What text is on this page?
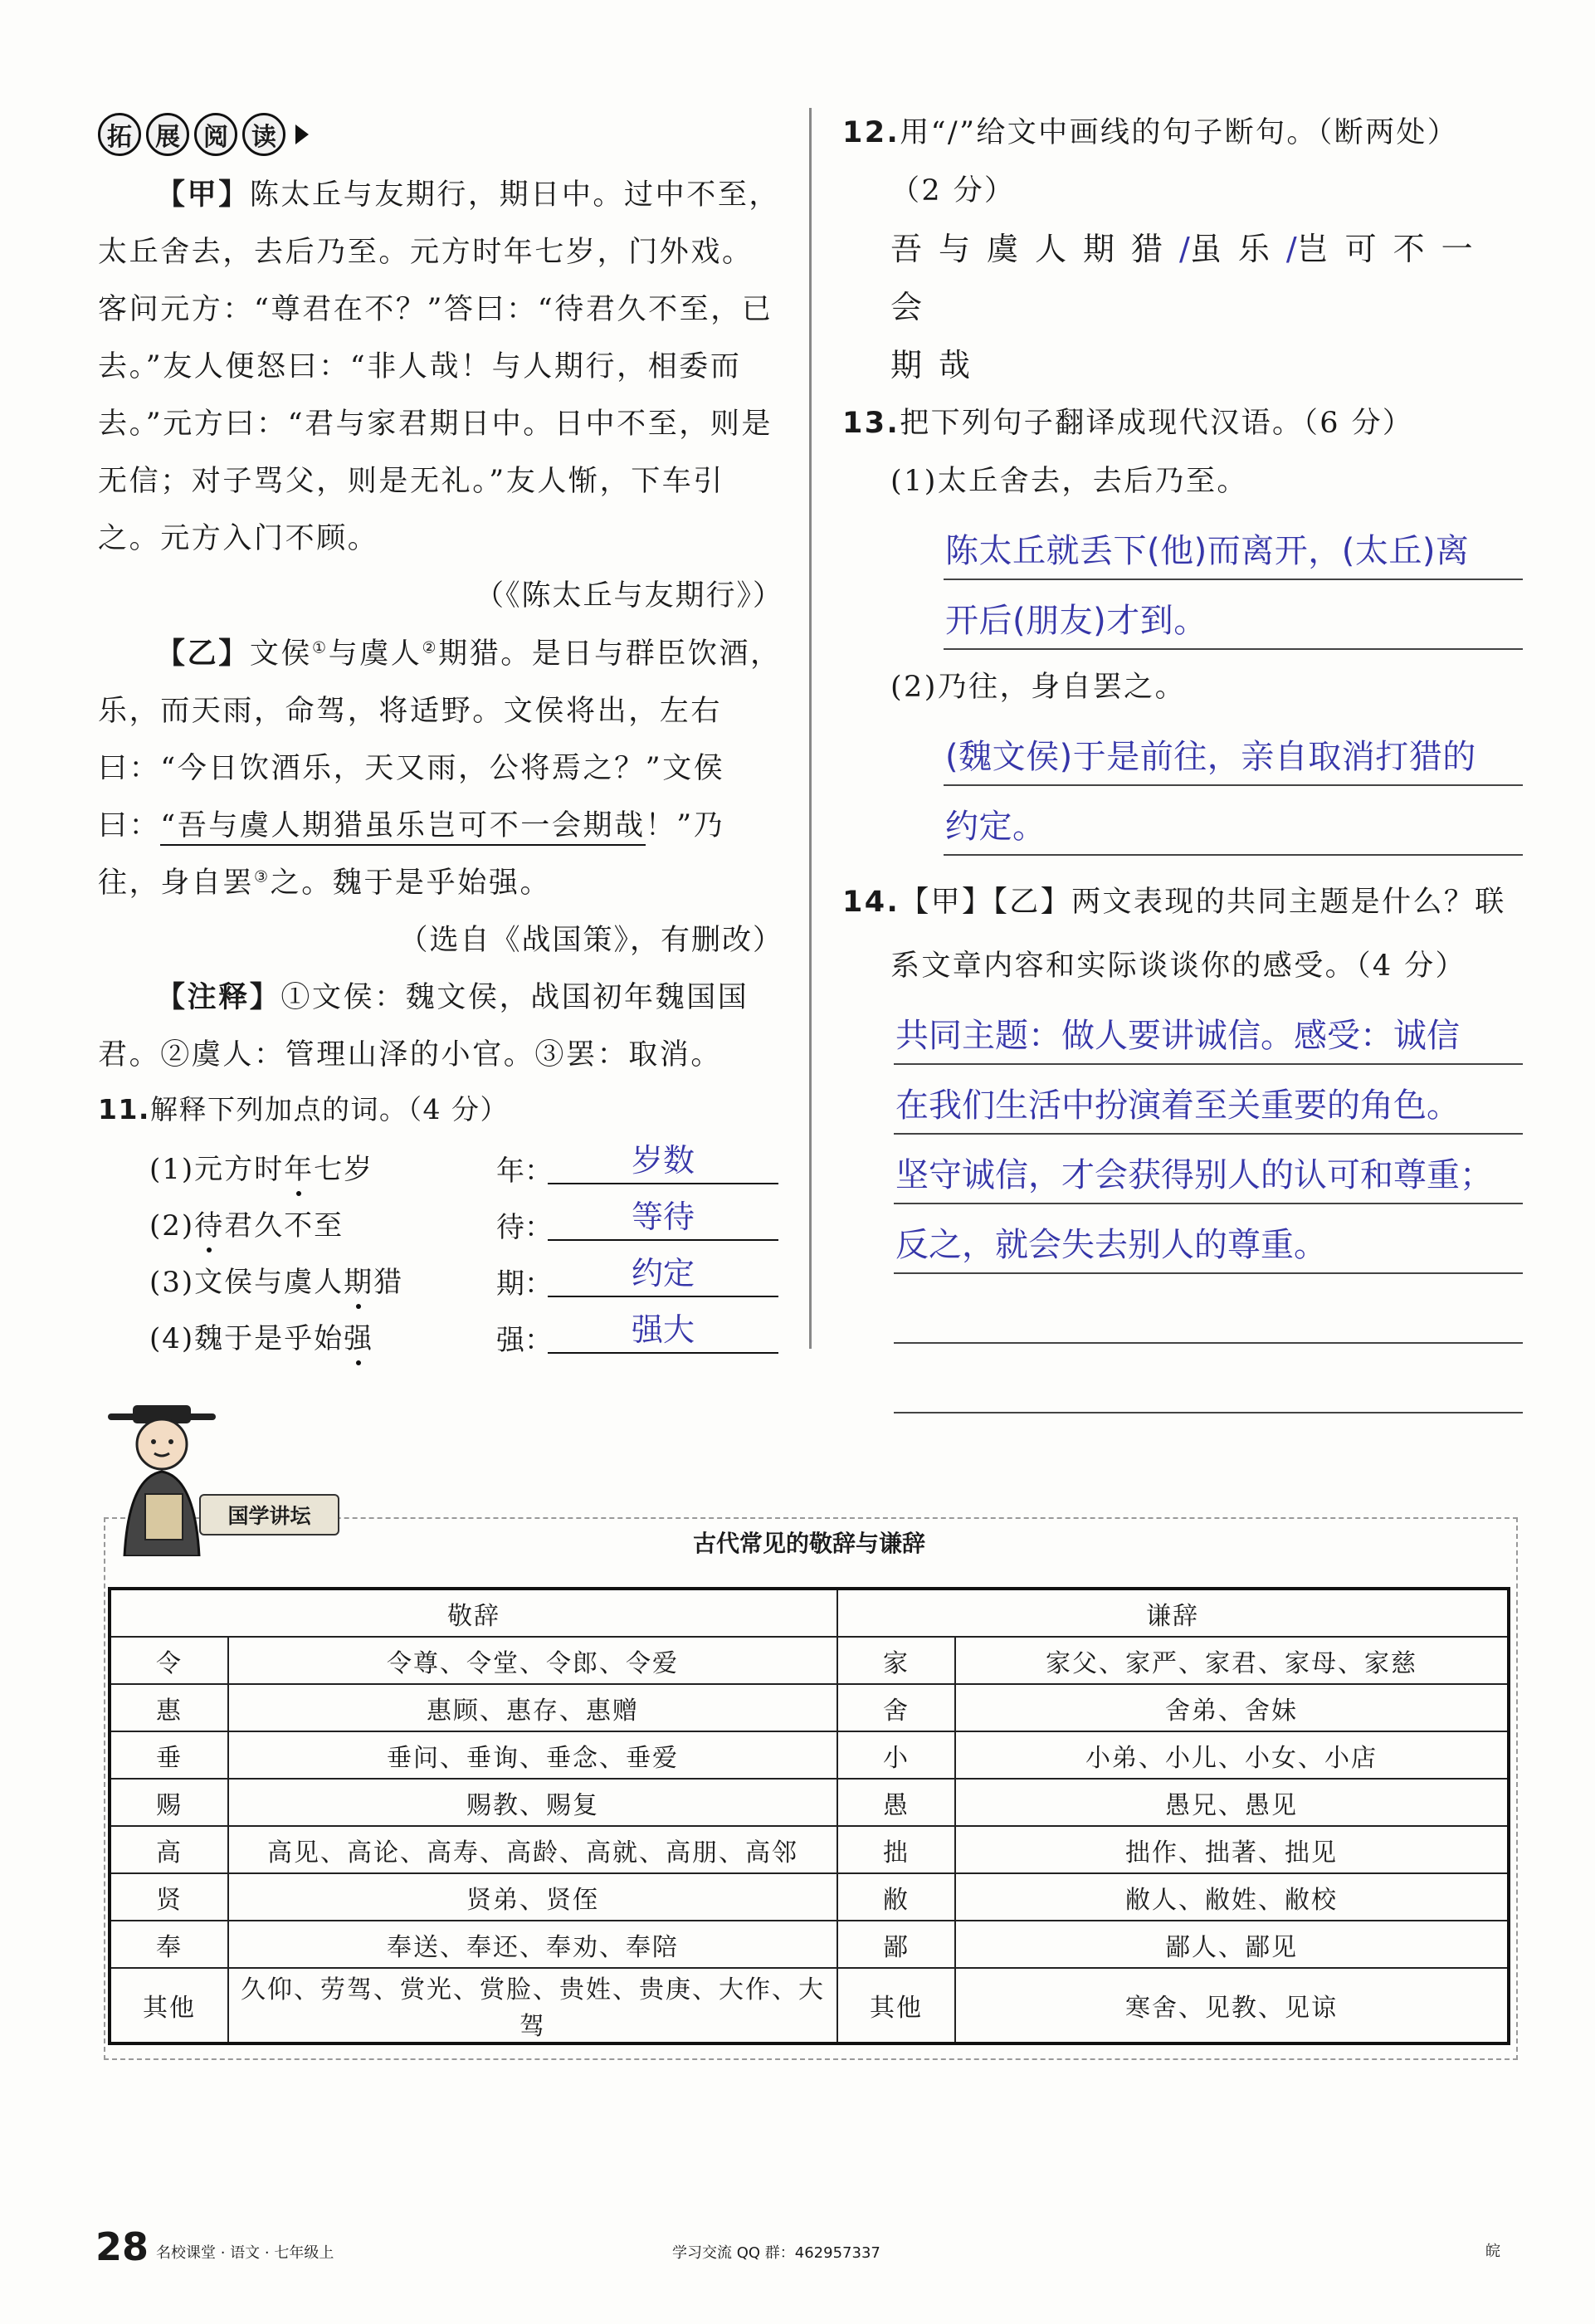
拓 展 阅 读

【甲】陈太丘与友期行，期日中。过中不至，太丘舍去，去后乃至。元方时年七岁，门外戏。客问元方：“尊君在不？”答曰：“待君久不至，已去。”友人便怒曰：“非人哉！与人期行，相委而去。”元方曰：“君与家君期日中。日中不至，则是无信；对子骂父，则是无礼。”友人惭，下车引之。元方入门不顾。

（《陈太丘与友期行》）

【乙】文侯①与虞人②期猎。是日与群臣饮酒，乐，而天雨，命驾，将适野。文侯将出，左右曰：“今日饮酒乐，天又雨，公将焉之？”文侯曰：“吾与虞人期猎虽乐岂可不一会期哉！”乃往，身自罢③之。魏于是乎始强。

（选自《战国策》，有删改）

【注释】①文侯：魏文侯，战国初年魏国国君。②虞人：管理山泽的小官。③罢：取消。

11.解释下列加点的词。（4 分）
(1)元方时年七岁	年：	岁数
(2)待君久不至	待：	等待
(3)文侯与虞人期猎	期：	约定
(4)魏于是乎始强	强：	强大

12.用“/”给文中画线的句子断句。（断两处）

（2 分）

吾与虞人期猎/虽乐/岂可不一会

期哉

13.把下列句子翻译成现代汉语。（6 分）

(1)太丘舍去，去后乃至。

陈太丘就丢下(他)而离开，(太丘)离
开后(朋友)才到。

(2)乃往，身自罢之。

(魏文侯)于是前往，亲自取消打猎的
约定。

14.【甲】【乙】两文表现的共同主题是什么？联

系文章内容和实际谈谈你的感受。（4 分）

共同主题：做人要讲诚信。感受：诚信
在我们生活中扮演着至关重要的角色。
坚守诚信，才会获得别人的认可和尊重；
反之，就会失去别人的尊重。
国学讲坛
古代常见的敬辞与谦辞
敬辞		谦辞	
令	令尊、令堂、令郎、令爱	家	家父、家严、家君、家母、家慈
惠	惠顾、惠存、惠赠	舍	舍弟、舍妹
垂	垂问、垂询、垂念、垂爱	小	小弟、小儿、小女、小店
赐	赐教、赐复	愚	愚兄、愚见
高	高见、高论、高寿、高龄、高就、高朋、高邻	拙	拙作、拙著、拙见
贤	贤弟、贤侄	敝	敝人、敝姓、敝校
奉	奉送、奉还、奉劝、奉陪	鄙	鄙人、鄙见
其他	久仰、劳驾、赏光、赏脸、贵姓、贵庚、大作、大驾	其他	寒舍、见教、见谅
28 名校课堂 · 语文 · 七年级上	学习交流 QQ 群：462957337	皖
